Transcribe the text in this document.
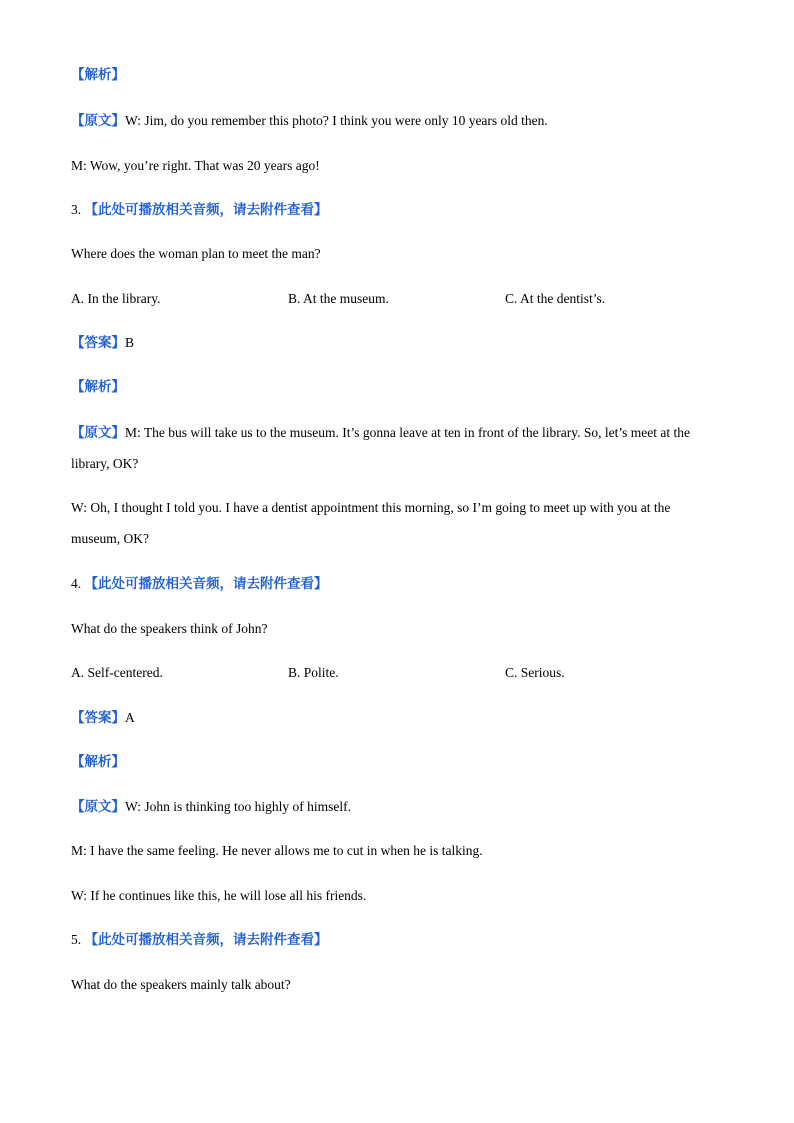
【解析】
【原文】W: Jim, do you remember this photo? I think you were only 10 years old then.
M: Wow, you’re right. That was 20 years ago!
3. 【此处可播放相关音频，请去附件查看】
Where does the woman plan to meet the man?
A. In the library.	B. At the museum.	C. At the dentist’s.
【答案】B
【解析】
【原文】M: The bus will take us to the museum. It’s gonna leave at ten in front of the library. So, let’s meet at the
library, OK?
W: Oh, I thought I told you. I have a dentist appointment this morning, so I’m going to meet up with you at the
museum, OK?
4. 【此处可播放相关音频，请去附件查看】
What do the speakers think of John?
A. Self-centered.	B. Polite.	C. Serious.
【答案】A
【解析】
【原文】W: John is thinking too highly of himself.
M: I have the same feeling. He never allows me to cut in when he is talking.
W: If he continues like this, he will lose all his friends.
5. 【此处可播放相关音频，请去附件查看】
What do the speakers mainly talk about?
